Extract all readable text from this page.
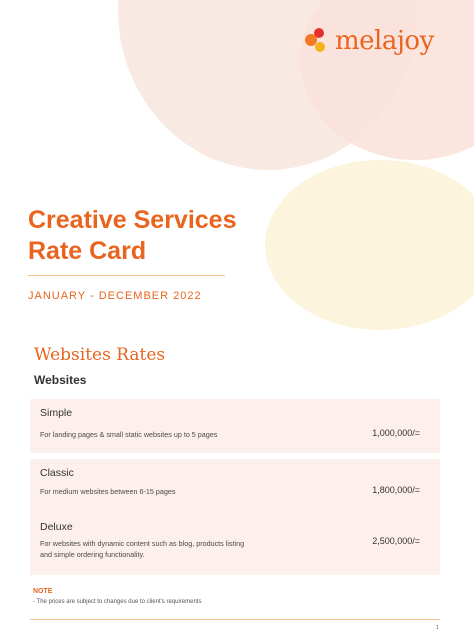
melajoy
Creative Services
Rate Card
JANUARY - DECEMBER 2022
Websites Rates
Websites
Simple
For landing pages & small static websites up to 5 pages	1,000,000/=
Classic
For medium websites between 6-15 pages	1,800,000/=
Deluxe
For websites with dynamic content such as blog, products listing
and simple ordering functionality.
2,500,000/=
NOTE
- The prices are subject to changes due to client's requirements
1
